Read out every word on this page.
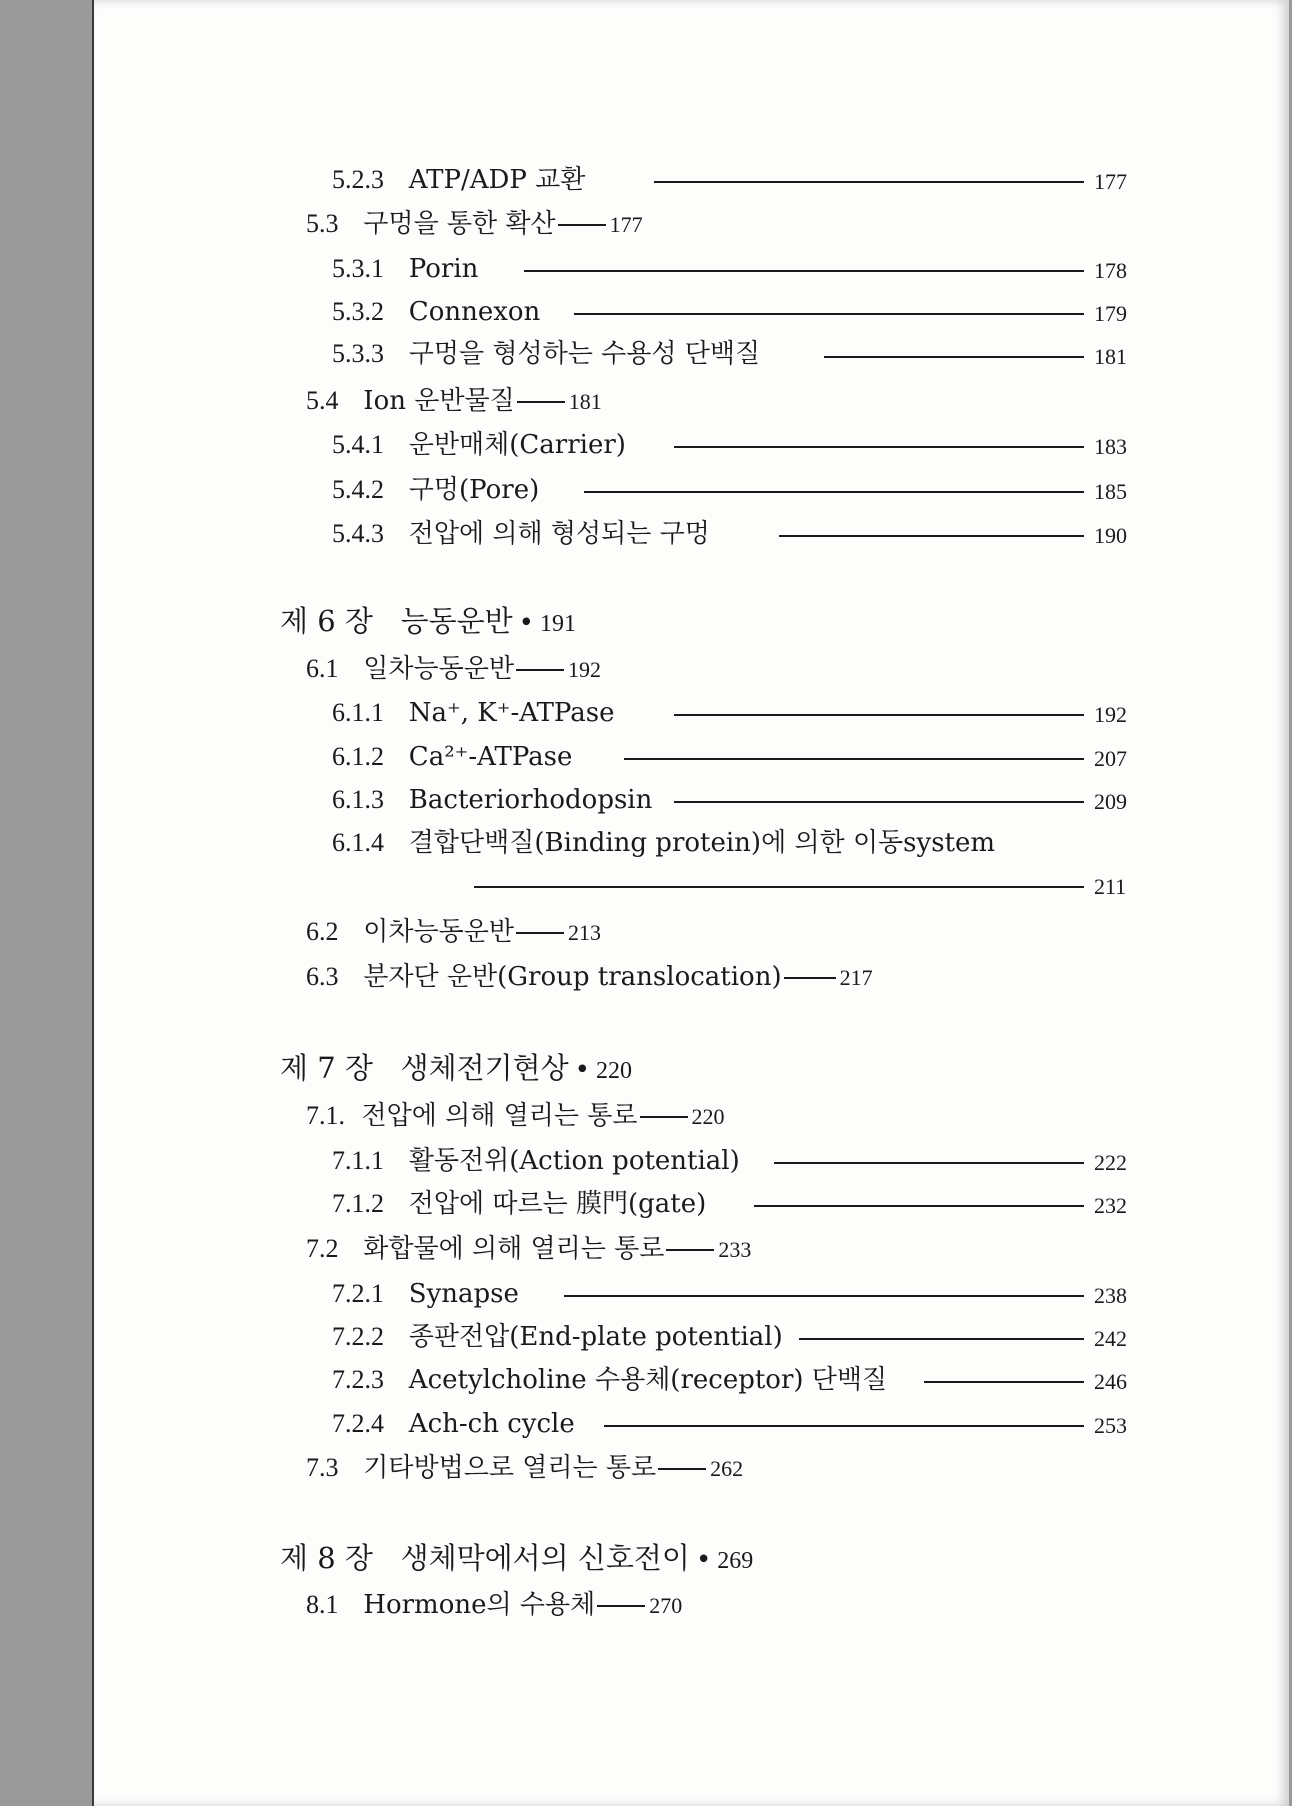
5.2.3 ATP/ADP 교환	177
5.3 구멍을 통한 확산 177
5.3.1 Porin	178
5.3.2 Connexon	179
5.3.3 구멍을 형성하는 수용성 단백질	181
5.4 Ion 운반물질 181
5.4.1 운반매체(Carrier)	183
5.4.2 구멍(Pore)	185
5.4.3 전압에 의해 형성되는 구멍	190
제 6 장 능동운반 • 191
6.1 일차능동운반 192
6.1.1 Na⁺, K⁺-ATPase	192
6.1.2 Ca²⁺-ATPase	207
6.1.3 Bacteriorhodopsin	209
6.1.4 결합단백질(Binding protein)에 의한 이동system
211
6.2 이차능동운반 213
6.3 분자단 운반(Group translocation)	217
제 7 장 생체전기현상 • 220
7.1. 전압에 의해 열리는 통로 220
7.1.1 활동전위(Action potential)	222
7.1.2 전압에 따르는 膜門(gate)	232
7.2 화합물에 의해 열리는 통로 233
7.2.1 Synapse	238
7.2.2 종판전압(End-plate potential)	242
7.2.3 Acetylcholine 수용체(receptor) 단백질	246
7.2.4 Ach-ch cycle	253
7.3 기타방법으로 열리는 통로 262
제 8 장 생체막에서의 신호전이 • 269
8.1 Hormone의 수용체 270
